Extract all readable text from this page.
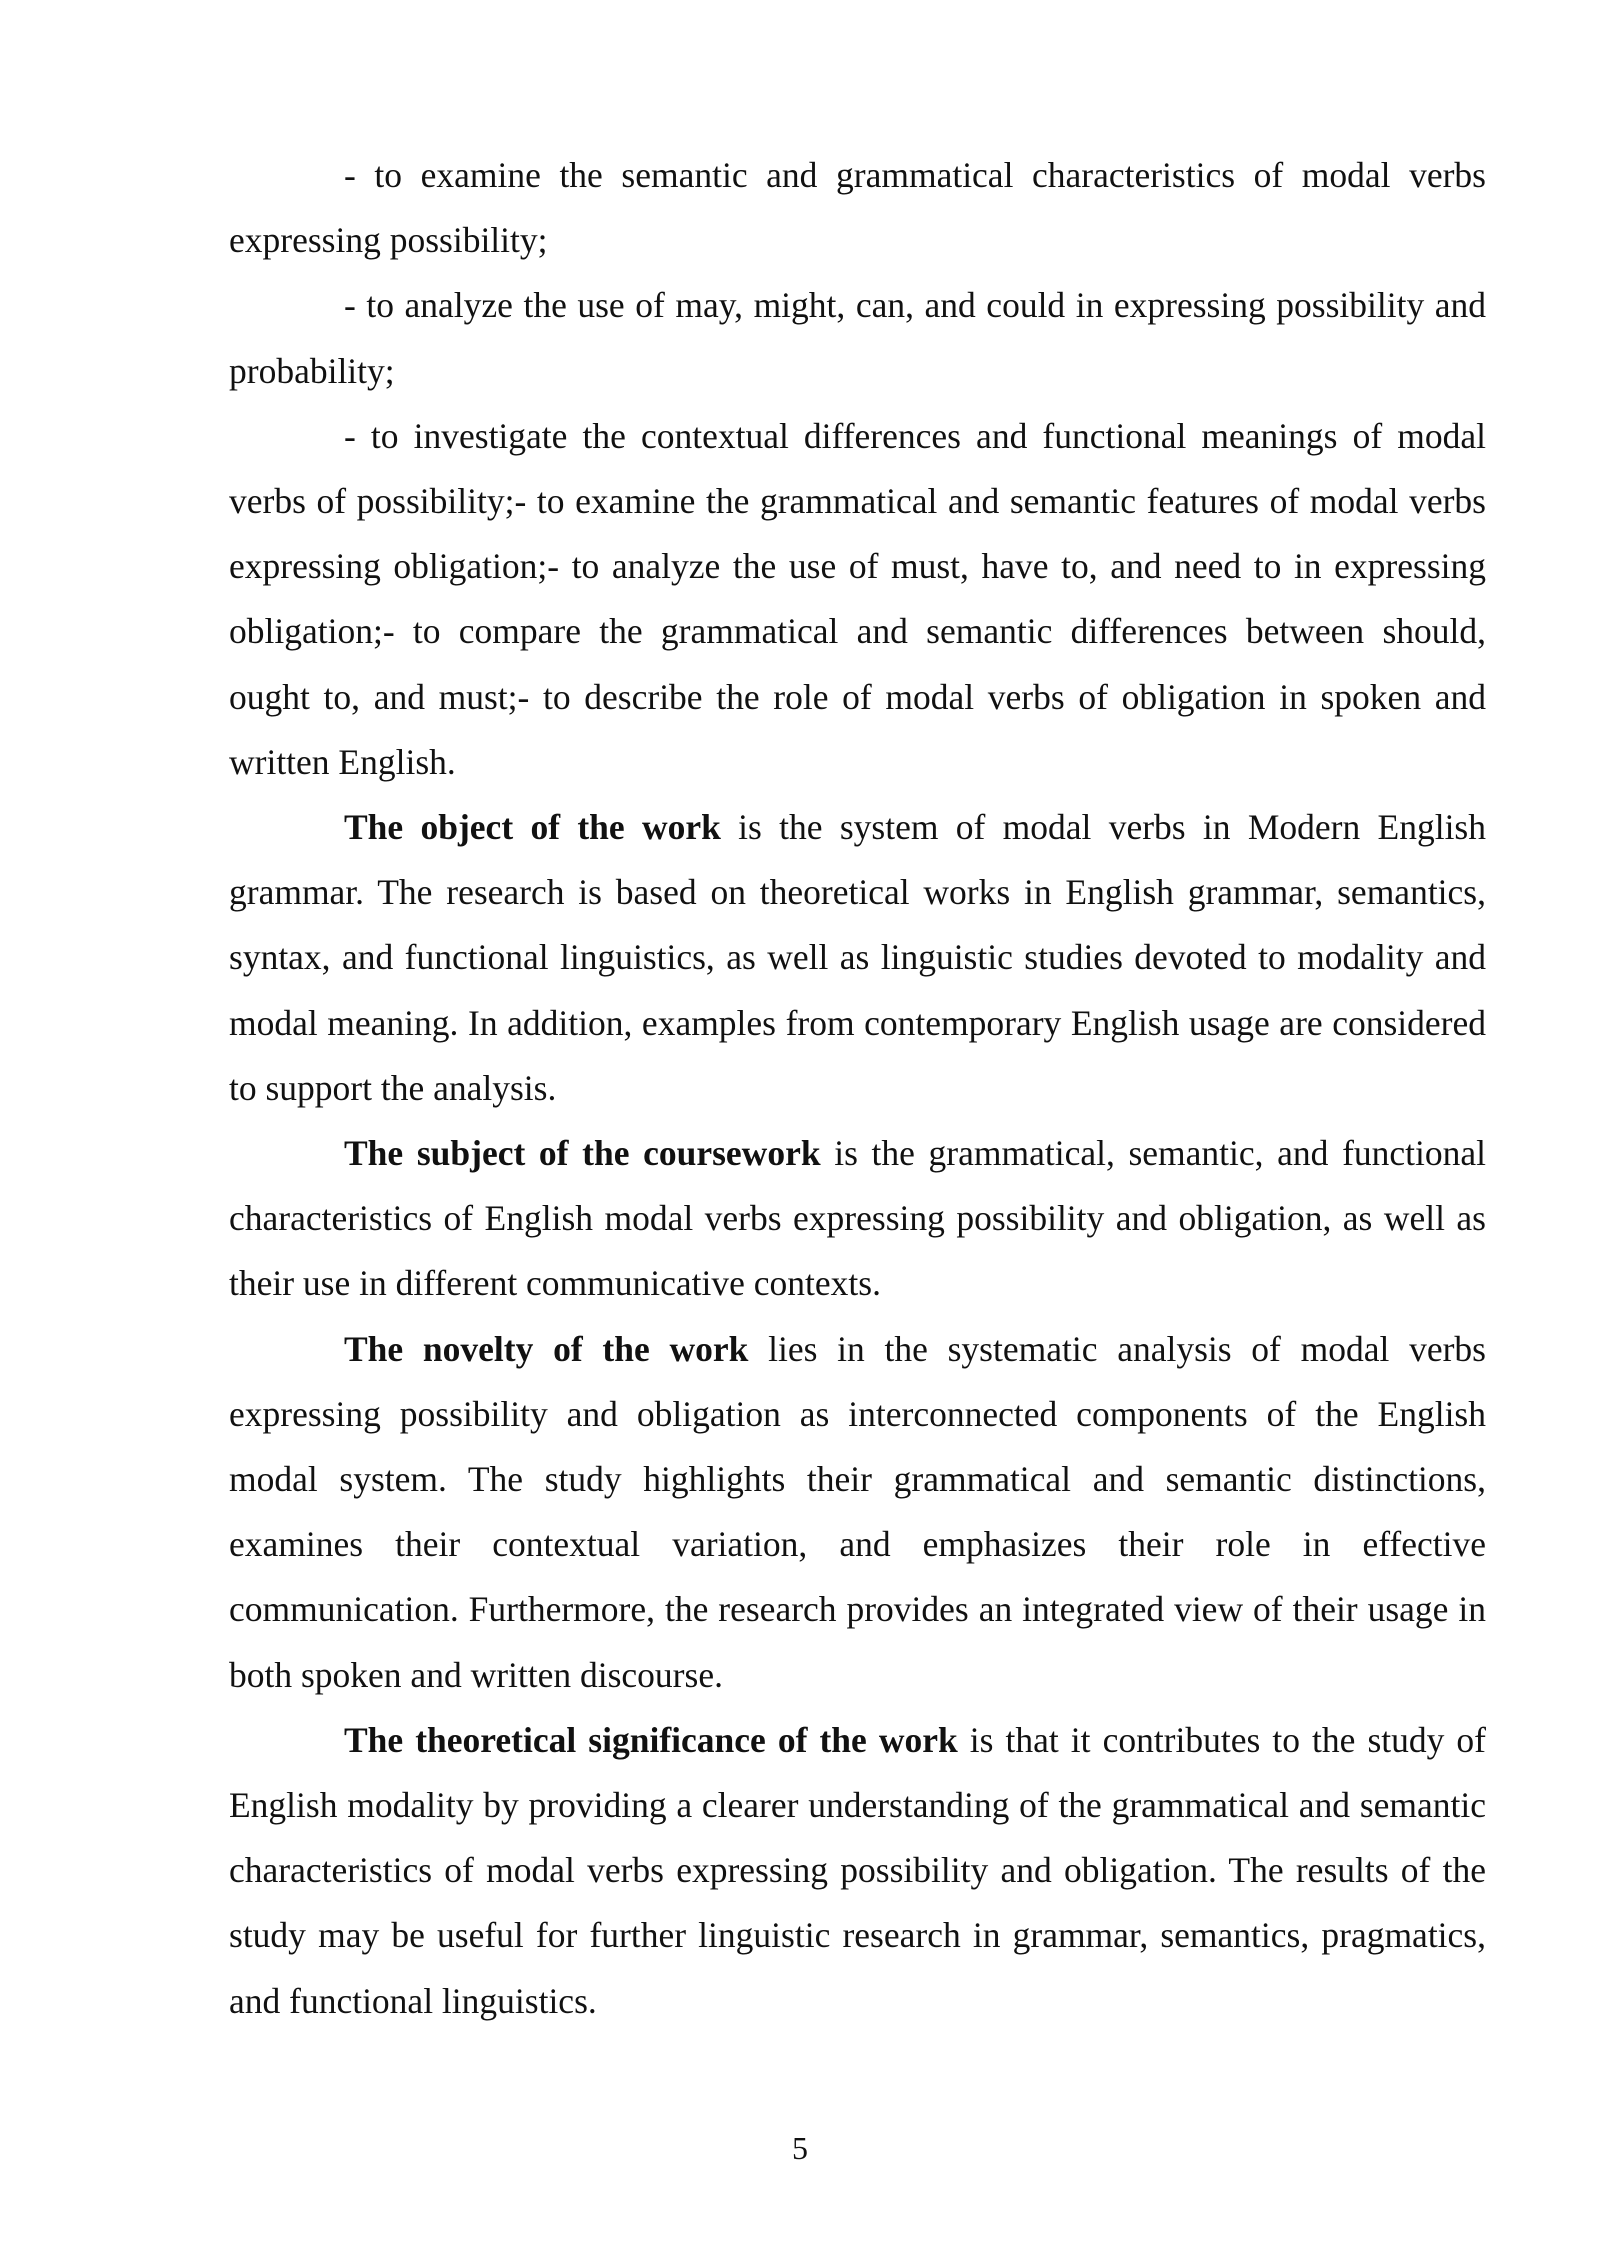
- to examine the semantic and grammatical characteristics of modal verbs expressing possibility;

- to analyze the use of may, might, can, and could in expressing possibility and probability;

- to investigate the contextual differences and functional meanings of modal verbs of possibility;- to examine the grammatical and semantic features of modal verbs expressing obligation;- to analyze the use of must, have to, and need to in expressing obligation;- to compare the grammatical and semantic differences between should, ought to, and must;- to describe the role of modal verbs of obligation in spoken and written English.

The object of the work is the system of modal verbs in Modern English grammar. The research is based on theoretical works in English grammar, semantics, syntax, and functional linguistics, as well as linguistic studies devoted to modality and modal meaning. In addition, examples from contemporary English usage are considered to support the analysis.

The subject of the coursework is the grammatical, semantic, and functional characteristics of English modal verbs expressing possibility and obligation, as well as their use in different communicative contexts.

The novelty of the work lies in the systematic analysis of modal verbs expressing possibility and obligation as interconnected components of the English modal system. The study highlights their grammatical and semantic distinctions, examines their contextual variation, and emphasizes their role in effective communication. Furthermore, the research provides an integrated view of their usage in both spoken and written discourse.

The theoretical significance of the work is that it contributes to the study of English modality by providing a clearer understanding of the grammatical and semantic characteristics of modal verbs expressing possibility and obligation. The results of the study may be useful for further linguistic research in grammar, semantics, pragmatics, and functional linguistics.

5
